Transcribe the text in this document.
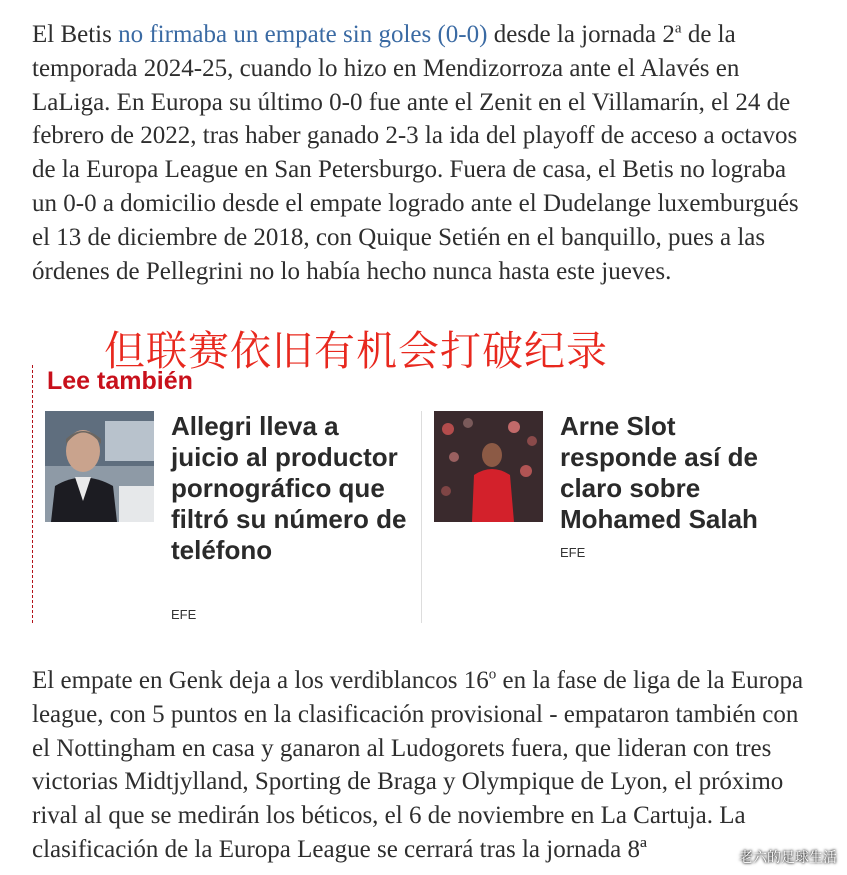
El Betis no firmaba un empate sin goles (0-0) desde la jornada 2$^a$ de la temporada 2024-25, cuando lo hizo en Mendizorroza ante el Alavés en LaLiga. En Europa su último 0-0 fue ante el Zenit en el Villamarín, el 24 de febrero de 2022, tras haber ganado 2-3 la ida del playoff de acceso a octavos de la Europa League en San Petersburgo. Fuera de casa, el Betis no lograba un 0-0 a domicilio desde el empate logrado ante el Dudelange luxemburgués el 13 de diciembre de 2018, con Quique Setién en el banquillo, pues a las órdenes de Pellegrini no lo había hecho nunca hasta este jueves.

但联赛依旧有机会打破纪录
Lee también
Allegri lleva a juicio al productor pornográfico que filtró su número de teléfono
EFE
Arne Slot responde así de claro sobre Mohamed Salah
EFE

El empate en Genk deja a los verdiblancos 16$^o$ en la fase de liga de la Europa league, con 5 puntos en la clasificación provisional - empataron también con el Nottingham en casa y ganaron al Ludogorets fuera, que lideran con tres victorias Midtjylland, Sporting de Braga y Olympique de Lyon, el próximo rival al que se medirán los béticos, el 6 de noviembre en La Cartuja. La clasificación de la Europa League se cerrará tras la jornada 8ª	老六的足球生活
